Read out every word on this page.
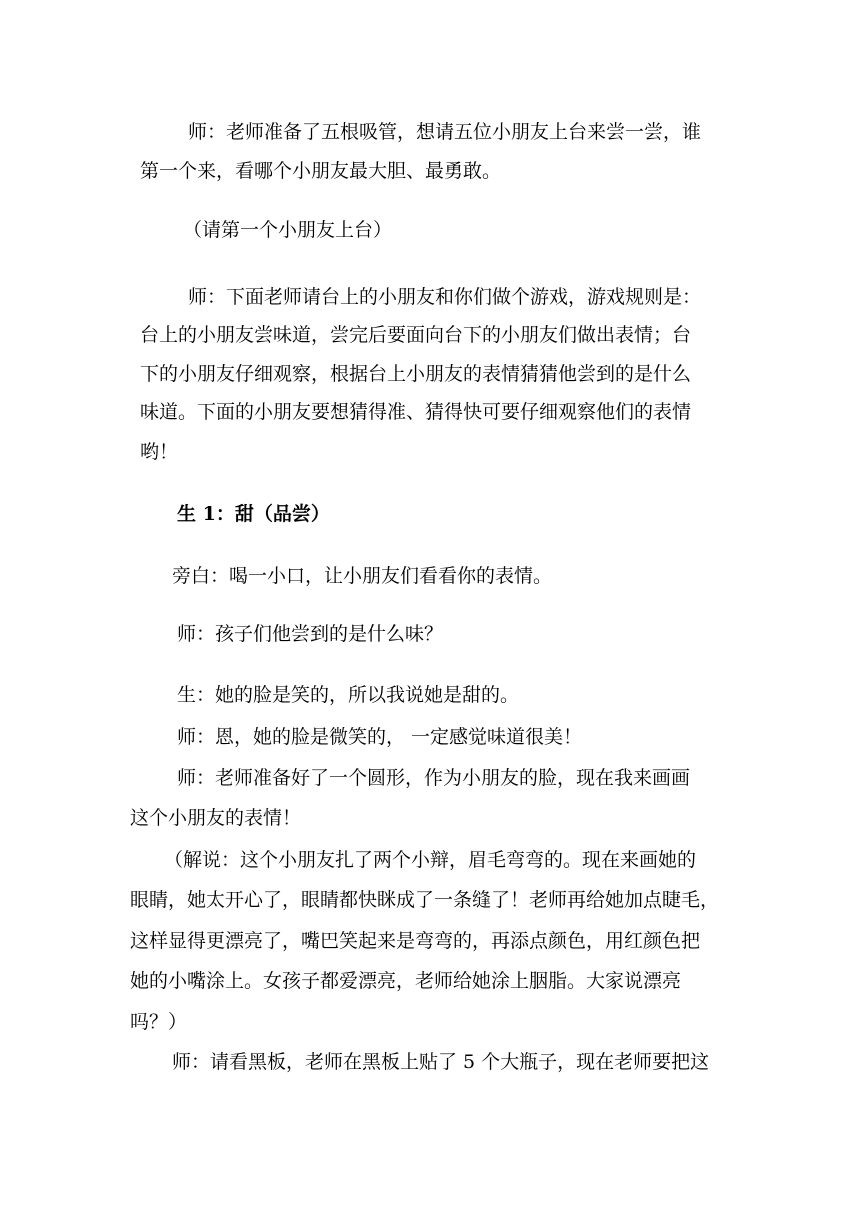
师：老师准备了五根吸管，想请五位小朋友上台来尝一尝，谁
第一个来，看哪个小朋友最大胆、最勇敢。
（请第一个小朋友上台）
师：下面老师请台上的小朋友和你们做个游戏，游戏规则是：
台上的小朋友尝味道，尝完后要面向台下的小朋友们做出表情；台
下的小朋友仔细观察，根据台上小朋友的表情猜猜他尝到的是什么
味道。下面的小朋友要想猜得准、猜得快可要仔细观察他们的表情
哟！
生 1：甜（品尝）
旁白：喝一小口，让小朋友们看看你的表情。
师：孩子们他尝到的是什么味？
生：她的脸是笑的，所以我说她是甜的。
师：恩，她的脸是微笑的， 一定感觉味道很美！
师：老师准备好了一个圆形，作为小朋友的脸，现在我来画画
这个小朋友的表情！
（解说：这个小朋友扎了两个小辩，眉毛弯弯的。现在来画她的
眼睛，她太开心了，眼睛都快眯成了一条缝了！老师再给她加点睫毛，
这样显得更漂亮了，嘴巴笑起来是弯弯的，再添点颜色，用红颜色把
她的小嘴涂上。女孩子都爱漂亮，老师给她涂上胭脂。大家说漂亮
吗？）
师：请看黑板，老师在黑板上贴了 5 个大瓶子，现在老师要把这
